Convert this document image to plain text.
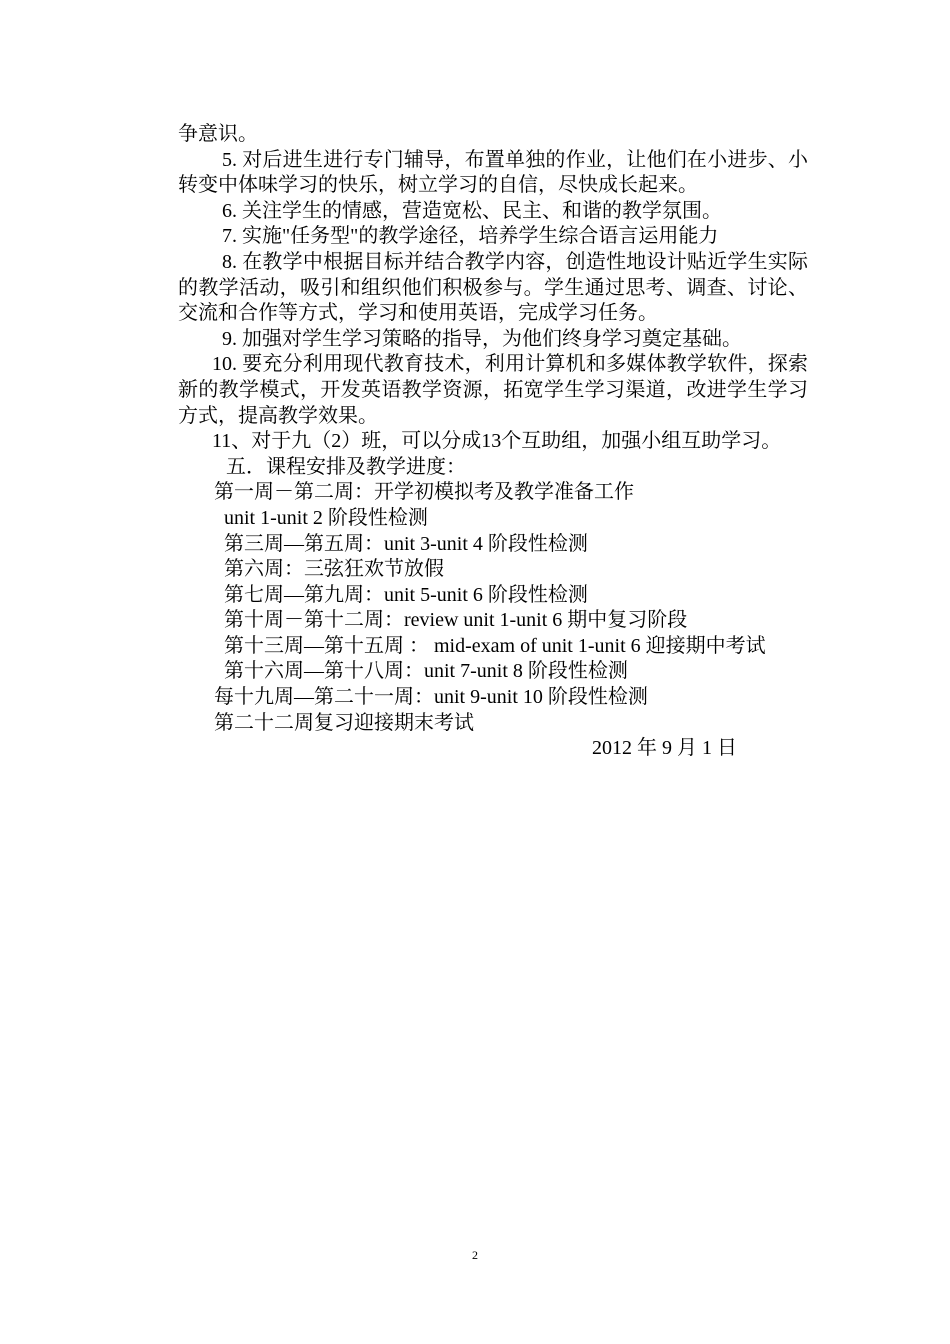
争意识。

5. 对后进生进行专门辅导，布置单独的作业，让他们在小进步、小转变中体味学习的快乐，树立学习的自信，尽快成长起来。

6. 关注学生的情感，营造宽松、民主、和谐的教学氛围。

7. 实施"任务型"的教学途径，培养学生综合语言运用能力

8. 在教学中根据目标并结合教学内容，创造性地设计贴近学生实际的教学活动，吸引和组织他们积极参与。学生通过思考、调查、讨论、交流和合作等方式，学习和使用英语，完成学习任务。

9. 加强对学生学习策略的指导，为他们终身学习奠定基础。

10. 要充分利用现代教育技术，利用计算机和多媒体教学软件，探索新的教学模式，开发英语教学资源，拓宽学生学习渠道，改进学生学习方式，提高教学效果。

11、对于九（2）班，可以分成13个互助组，加强小组互助学习。

五．课程安排及教学进度：

第一周－第二周：开学初模拟考及教学准备工作

unit 1-unit 2 阶段性检测

第三周—第五周：unit 3-unit 4 阶段性检测

第六周：三弦狂欢节放假

第七周—第九周：unit 5-unit 6 阶段性检测

第十周－第十二周：review unit 1-unit 6 期中复习阶段

第十三周—第十五周 ： mid-exam of unit 1-unit 6 迎接期中考试

第十六周—第十八周：unit 7-unit 8 阶段性检测

每十九周—第二十一周：unit 9-unit 10 阶段性检测

第二十二周复习迎接期末考试

2012 年 9 月 1 日

2
